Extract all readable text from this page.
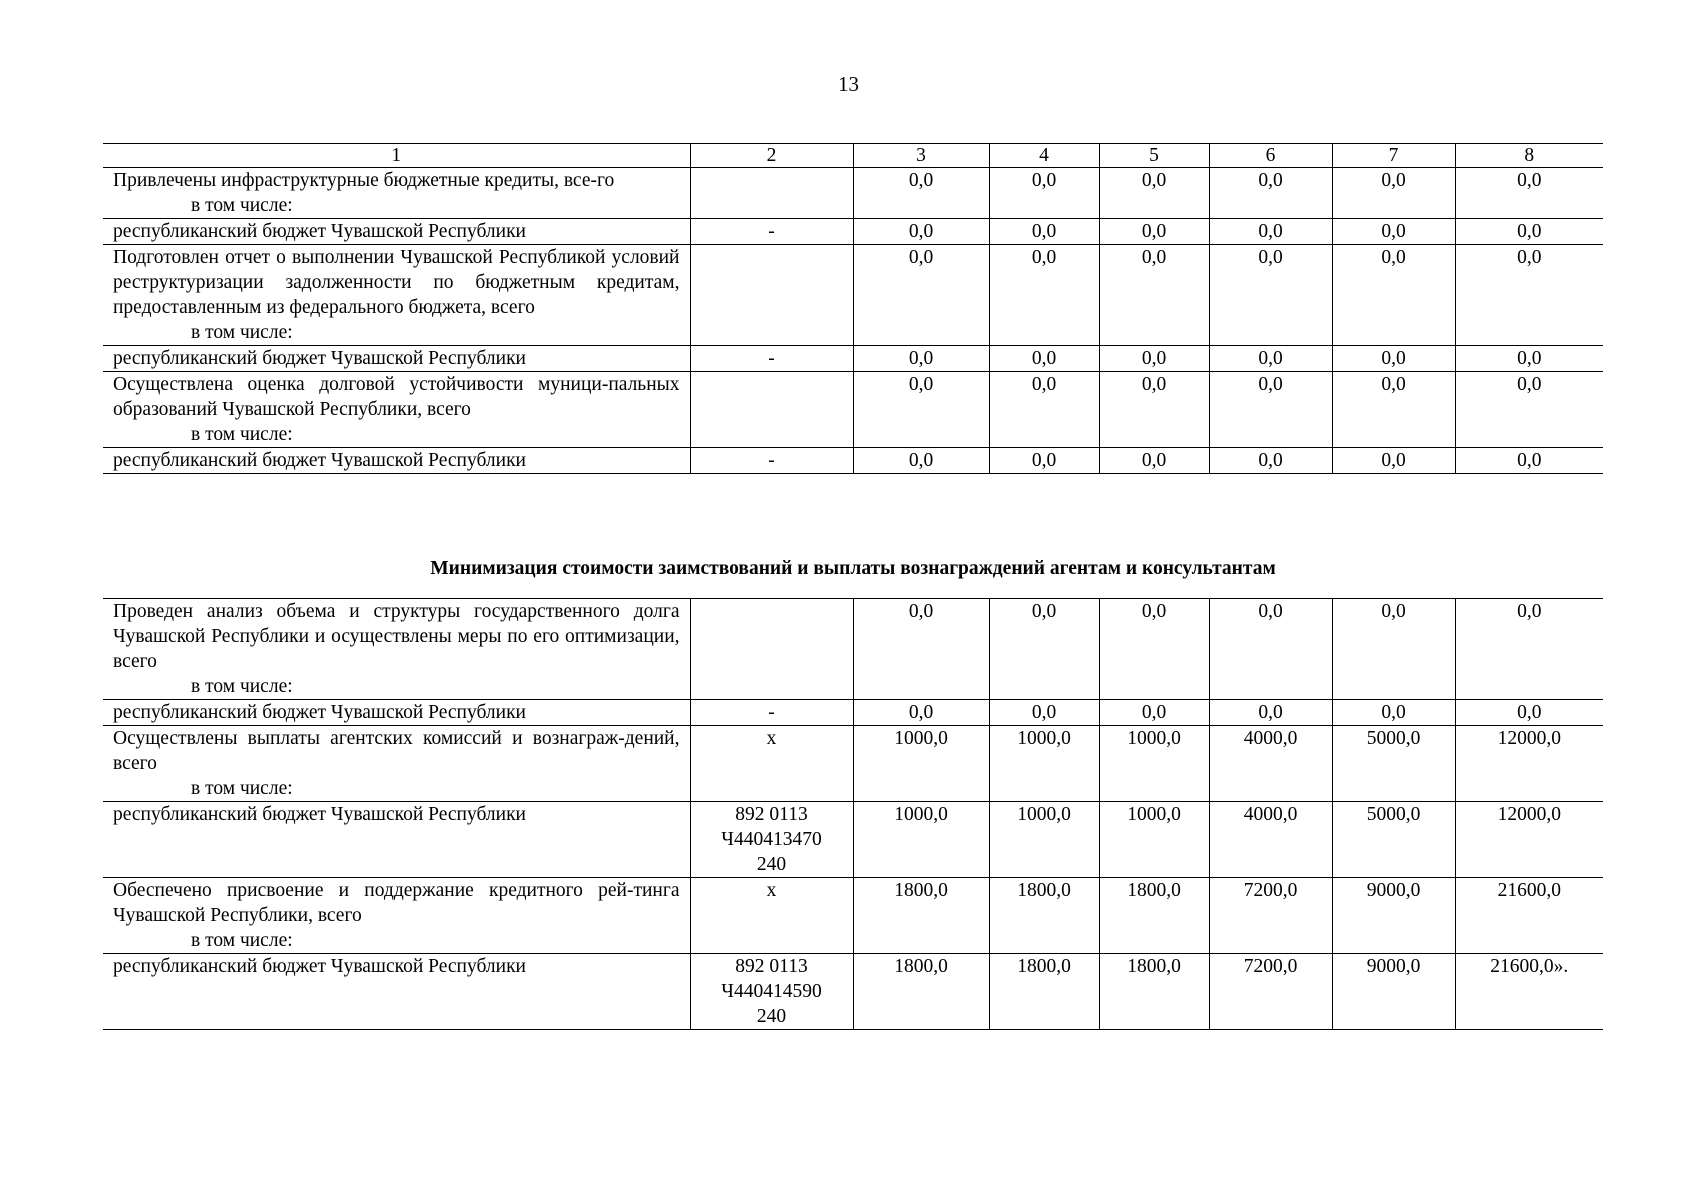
13
1	2	3	4	5	6	7	8
Привлечены инфраструктурные бюджетные кредиты, все-го
в том числе:		0,0	0,0	0,0	0,0	0,0	0,0
республиканский бюджет Чувашской Республики	-	0,0	0,0	0,0	0,0	0,0	0,0
Подготовлен отчет о выполнении Чувашской Республикой условий реструктуризации задолженности по бюджетным кредитам, предоставленным из федерального бюджета, всего
в том числе:		0,0	0,0	0,0	0,0	0,0	0,0
республиканский бюджет Чувашской Республики	-	0,0	0,0	0,0	0,0	0,0	0,0
Осуществлена оценка долговой устойчивости муници-пальных образований Чувашской Республики, всего
в том числе:		0,0	0,0	0,0	0,0	0,0	0,0
республиканский бюджет Чувашской Республики	-	0,0	0,0	0,0	0,0	0,0	0,0
Минимизация стоимости заимствований и выплаты вознаграждений агентам и консультантам
Проведен анализ объема и структуры государственного долга Чувашской Республики и осуществлены меры по его оптимизации, всего
в том числе:		0,0	0,0	0,0	0,0	0,0	0,0
республиканский бюджет Чувашской Республики	-	0,0	0,0	0,0	0,0	0,0	0,0
Осуществлены выплаты агентских комиссий и вознаграж-дений, всего
в том числе:	х	1000,0	1000,0	1000,0	4000,0	5000,0	12000,0
республиканский бюджет Чувашской Республики	892 0113
Ч440413470
240	1000,0	1000,0	1000,0	4000,0	5000,0	12000,0
Обеспечено присвоение и поддержание кредитного рей-тинга Чувашской Республики, всего
в том числе:	х	1800,0	1800,0	1800,0	7200,0	9000,0	21600,0
республиканский бюджет Чувашской Республики	892 0113
Ч440414590
240	1800,0	1800,0	1800,0	7200,0	9000,0	21600,0».
